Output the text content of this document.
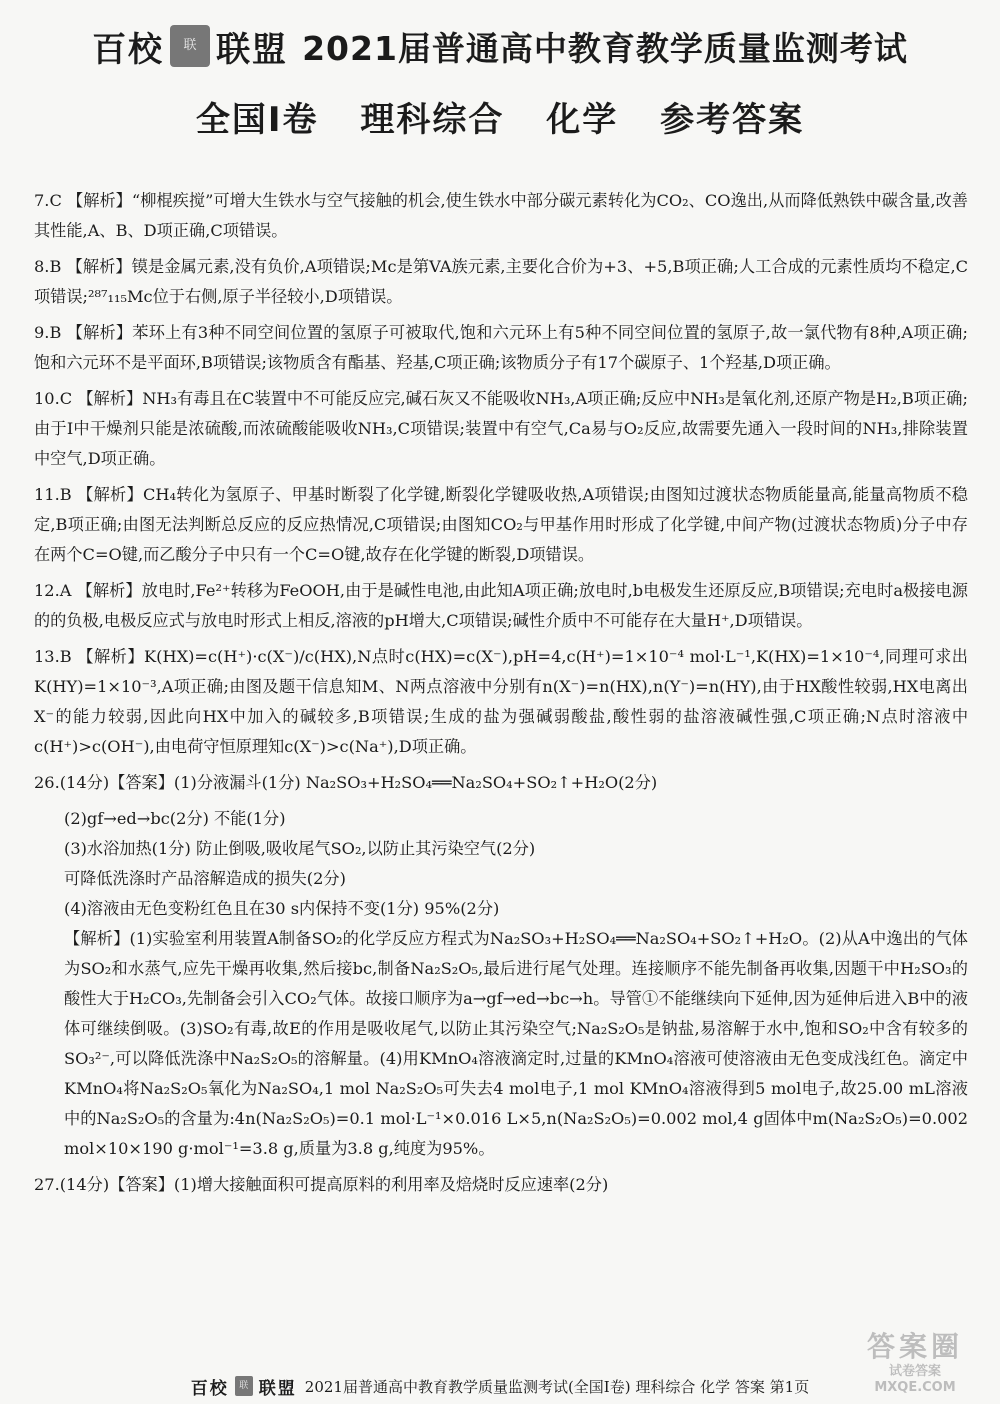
百校	联 联盟 2021届普通高中教育教学质量监测考试
全国Ⅰ卷 理科综合 化学 参考答案
7.C 【解析】“柳棍疾搅”可增大生铁水与空气接触的机会,使生铁水中部分碳元素转化为CO₂、CO逸出,从而降低熟铁中碳含量,改善其性能,A、B、D项正确,C项错误。
8.B 【解析】镆是金属元素,没有负价,A项错误;Mc是第VA族元素,主要化合价为+3、+5,B项正确;人工合成的元素性质均不稳定,C项错误;²⁸⁷₁₁₅Mc位于右侧,原子半径较小,D项错误。
9.B 【解析】苯环上有3种不同空间位置的氢原子可被取代,饱和六元环上有5种不同空间位置的氢原子,故一氯代物有8种,A项正确;饱和六元环不是平面环,B项错误;该物质含有酯基、羟基,C项正确;该物质分子有17个碳原子、1个羟基,D项正确。
10.C 【解析】NH₃有毒且在C装置中不可能反应完,碱石灰又不能吸收NH₃,A项正确;反应中NH₃是氧化剂,还原产物是H₂,B项正确;由于I中干燥剂只能是浓硫酸,而浓硫酸能吸收NH₃,C项错误;装置中有空气,Ca易与O₂反应,故需要先通入一段时间的NH₃,排除装置中空气,D项正确。
11.B 【解析】CH₄转化为氢原子、甲基时断裂了化学键,断裂化学键吸收热,A项错误;由图知过渡状态物质能量高,能量高物质不稳定,B项正确;由图无法判断总反应的反应热情况,C项错误;由图知CO₂与甲基作用时形成了化学键,中间产物(过渡状态物质)分子中存在两个C=O键,而乙酸分子中只有一个C=O键,故存在化学键的断裂,D项错误。
12.A 【解析】放电时,Fe²⁺转移为FeOOH,由于是碱性电池,由此知A项正确;放电时,b电极发生还原反应,B项错误;充电时a极接电源的的负极,电极反应式与放电时形式上相反,溶液的pH增大,C项错误;碱性介质中不可能存在大量H⁺,D项错误。
13.B 【解析】K(HX)=c(H⁺)·c(X⁻)/c(HX),N点时c(HX)=c(X⁻),pH=4,c(H⁺)=1×10⁻⁴ mol·L⁻¹,K(HX)=1×10⁻⁴,同理可求出K(HY)=1×10⁻³,A项正确;由图及题干信息知M、N两点溶液中分别有n(X⁻)=n(HX),n(Y⁻)=n(HY),由于HX酸性较弱,HX电离出X⁻的能力较弱,因此向HX中加入的碱较多,B项错误;生成的盐为强碱弱酸盐,酸性弱的盐溶液碱性强,C项正确;N点时溶液中c(H⁺)>c(OH⁻),由电荷守恒原理知c(X⁻)>c(Na⁺),D项正确。
26.(14分)【答案】(1)分液漏斗(1分) Na₂SO₃+H₂SO₄══Na₂SO₄+SO₂↑+H₂O(2分)
(2)gf→ed→bc(2分) 不能(1分)
(3)水浴加热(1分) 防止倒吸,吸收尾气SO₂,以防止其污染空气(2分)
可降低洗涤时产品溶解造成的损失(2分)
(4)溶液由无色变粉红色且在30 s内保持不变(1分) 95%(2分)
【解析】(1)实验室利用装置A制备SO₂的化学反应方程式为Na₂SO₃+H₂SO₄══Na₂SO₄+SO₂↑+H₂O。(2)从A中逸出的气体为SO₂和水蒸气,应先干燥再收集,然后接bc,制备Na₂S₂O₅,最后进行尾气处理。连接顺序不能先制备再收集,因题干中H₂SO₃的酸性大于H₂CO₃,先制备会引入CO₂气体。故接口顺序为a→gf→ed→bc→h。导管①不能继续向下延伸,因为延伸后进入B中的液体可继续倒吸。(3)SO₂有毒,故E的作用是吸收尾气,以防止其污染空气;Na₂S₂O₅是钠盐,易溶解于水中,饱和SO₂中含有较多的SO₃²⁻,可以降低洗涤中Na₂S₂O₅的溶解量。(4)用KMnO₄溶液滴定时,过量的KMnO₄溶液可使溶液由无色变成浅红色。滴定中KMnO₄将Na₂S₂O₅氧化为Na₂SO₄,1 mol Na₂S₂O₅可失去4 mol电子,1 mol KMnO₄溶液得到5 mol电子,故25.00 mL溶液中的Na₂S₂O₅的含量为:4n(Na₂S₂O₅)=0.1 mol·L⁻¹×0.016 L×5,n(Na₂S₂O₅)=0.002 mol,4 g固体中m(Na₂S₂O₅)=0.002 mol×10×190 g·mol⁻¹=3.8 g,质量为3.8 g,纯度为95%。
27.(14分)【答案】(1)增大接触面积可提高原料的利用率及焙烧时反应速率(2分)
答案圈
试卷答案 MXQE.COM
百校	联 联盟 2021届普通高中教育教学质量监测考试(全国Ⅰ卷) 理科综合 化学 答案 第1页
